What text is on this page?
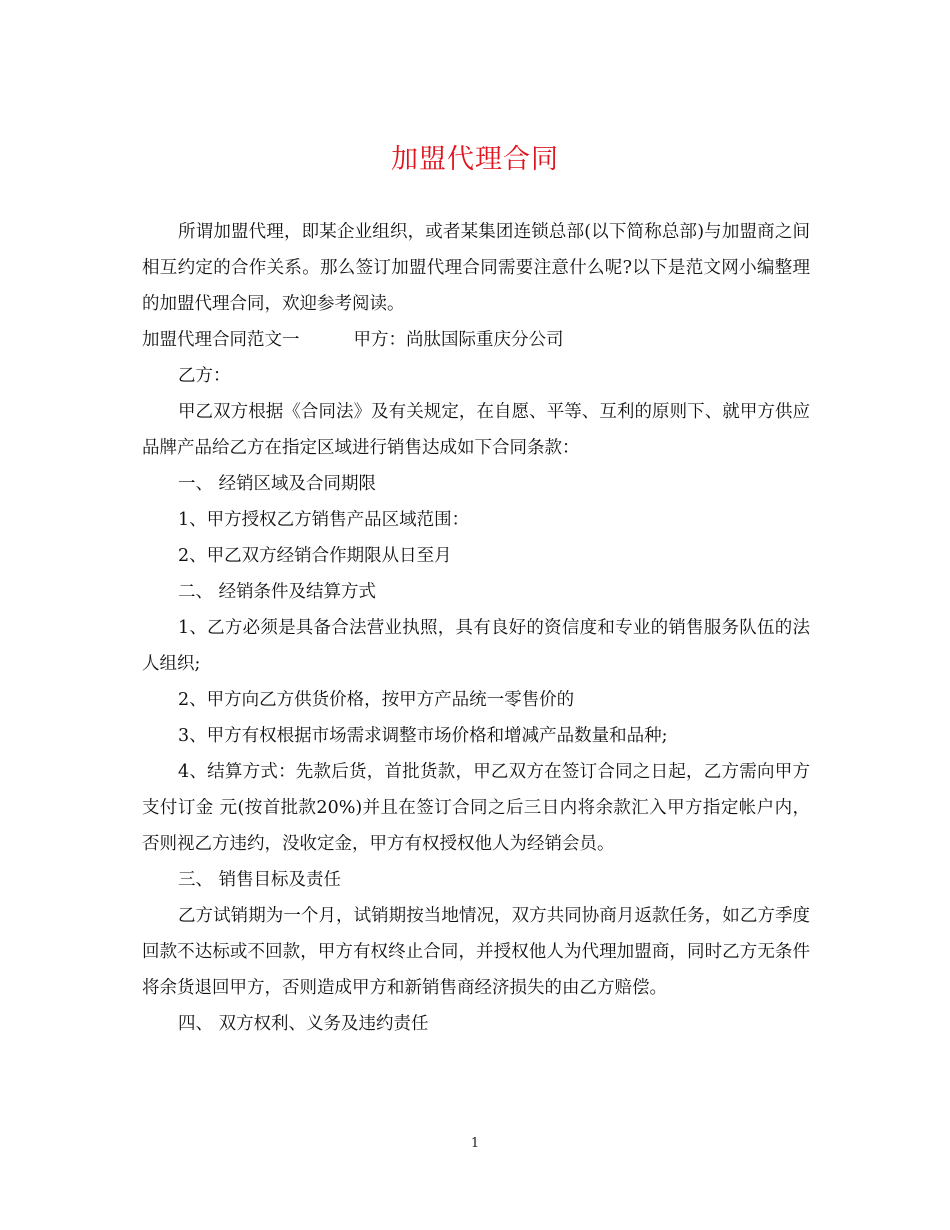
加盟代理合同

所谓加盟代理，即某企业组织，或者某集团连锁总部(以下简称总部)与加盟商之间相互约定的合作关系。那么签订加盟代理合同需要注意什么呢?以下是范文网小编整理的加盟代理合同，欢迎参考阅读。

加盟代理合同范文一	甲方：尚肽国际重庆分公司

乙方：

甲乙双方根据《合同法》及有关规定，在自愿、平等、互利的原则下、就甲方供应 品牌产品给乙方在指定区域进行销售达成如下合同条款：

一、 经销区域及合同期限

1、甲方授权乙方销售产品区域范围：

2、甲乙双方经销合作期限从日至月

二、 经销条件及结算方式

1、乙方必须是具备合法营业执照，具有良好的资信度和专业的销售服务队伍的法人组织;

2、甲方向乙方供货价格，按甲方产品统一零售价的

3、甲方有权根据市场需求调整市场价格和增减产品数量和品种;

4、结算方式：先款后货，首批货款，甲乙双方在签订合同之日起，乙方需向甲方支付订金 元(按首批款20%)并且在签订合同之后三日内将余款汇入甲方指定帐户内，否则视乙方违约，没收定金，甲方有权授权他人为经销会员。

三、 销售目标及责任

乙方试销期为一个月，试销期按当地情况，双方共同协商月返款任务，如乙方季度回款不达标或不回款，甲方有权终止合同，并授权他人为代理加盟商，同时乙方无条件将余货退回甲方，否则造成甲方和新销售商经济损失的由乙方赔偿。

四、 双方权利、义务及违约责任

1
